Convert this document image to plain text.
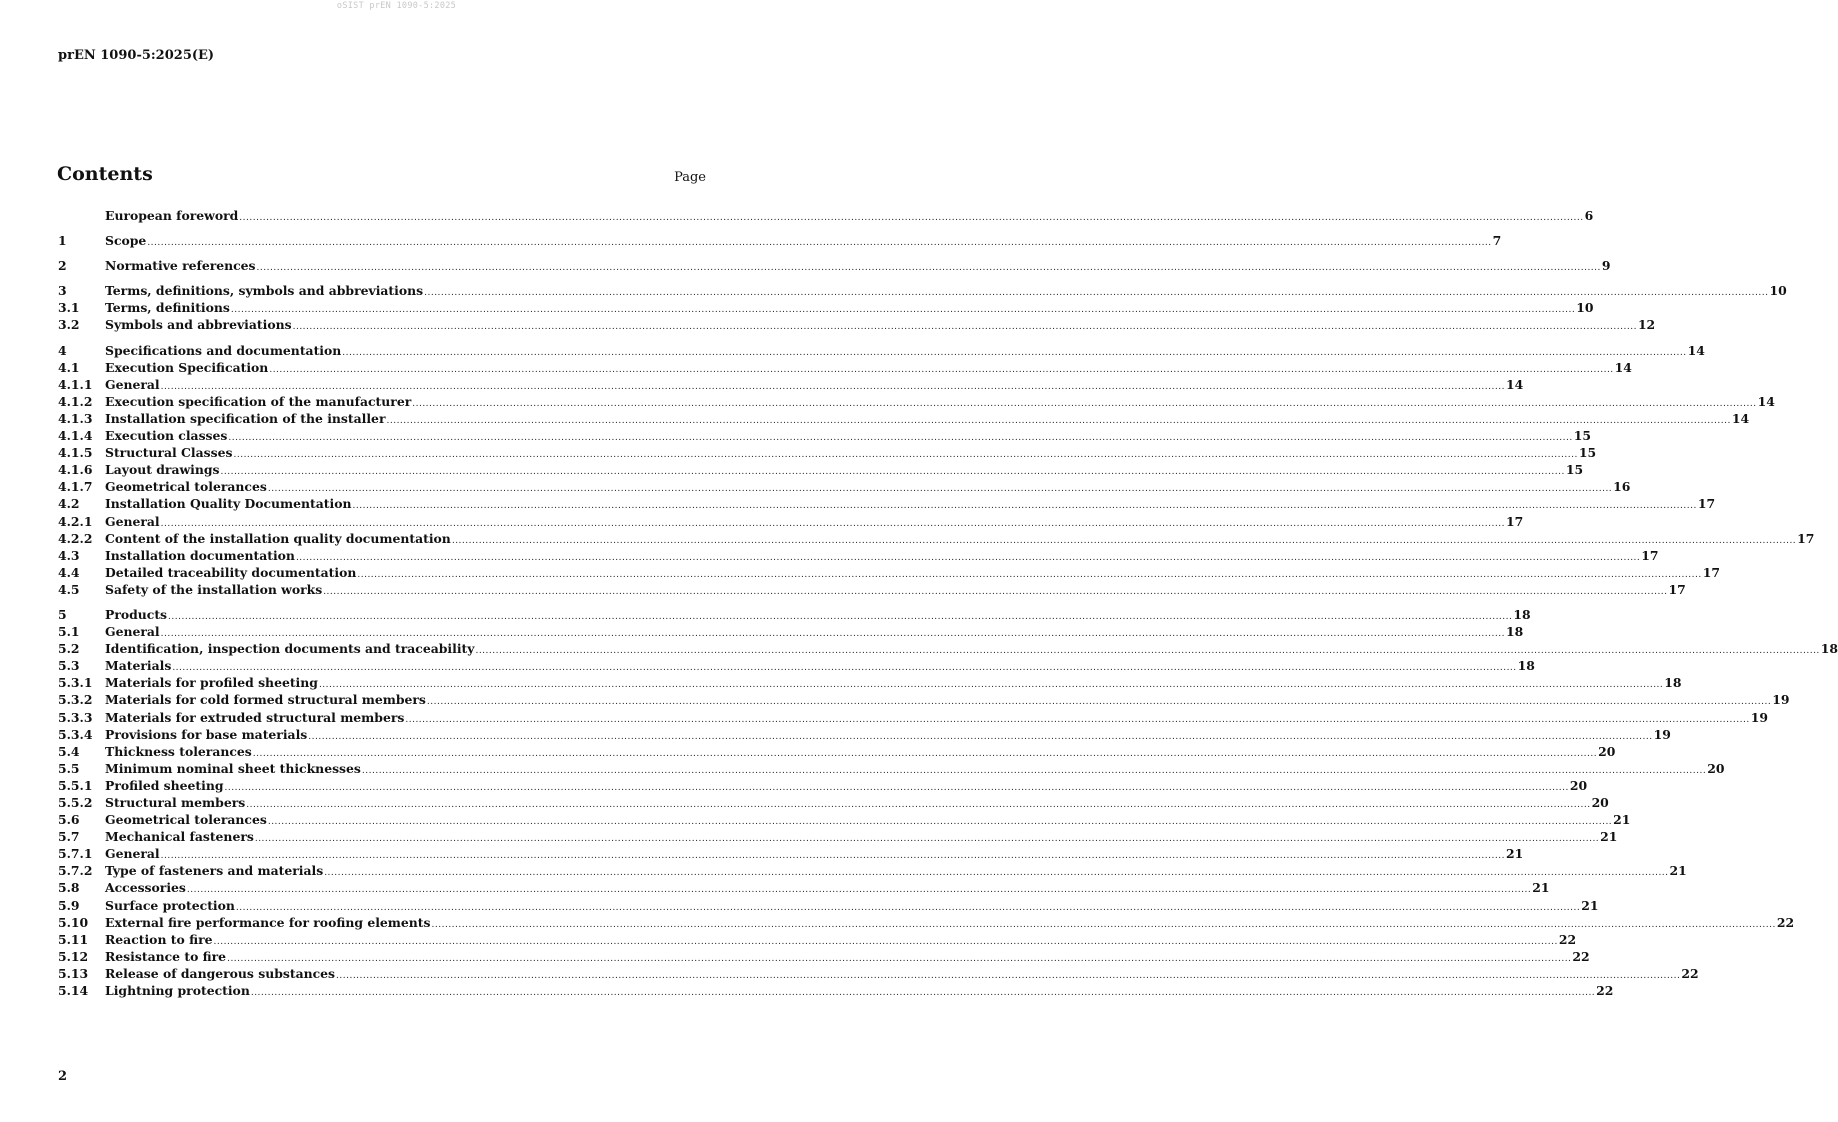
oSIST prEN 1090-5:2025
prEN 1090-5:2025(E)
Contents	Page
European foreword ................................................................................................................................................................................................................................................................................................................................................................................................................ 6
1	Scope ................................................................................................................................................................................................................................................................................................................................................................................................................ 7
2	Normative references ................................................................................................................................................................................................................................................................................................................................................................................................................ 9
3	Terms, definitions, symbols and abbreviations ................................................................................................................................................................................................................................................................................................................................................................................................................ 10
3.1	Terms, definitions ................................................................................................................................................................................................................................................................................................................................................................................................................ 10
3.2	Symbols and abbreviations ................................................................................................................................................................................................................................................................................................................................................................................................................ 12
4	Specifications and documentation ................................................................................................................................................................................................................................................................................................................................................................................................................ 14
4.1	Execution Specification ................................................................................................................................................................................................................................................................................................................................................................................................................ 14
4.1.1	General ................................................................................................................................................................................................................................................................................................................................................................................................................ 14
4.1.2	Execution specification of the manufacturer ................................................................................................................................................................................................................................................................................................................................................................................................................ 14
4.1.3	Installation specification of the installer ................................................................................................................................................................................................................................................................................................................................................................................................................ 14
4.1.4	Execution classes ................................................................................................................................................................................................................................................................................................................................................................................................................ 15
4.1.5	Structural Classes ................................................................................................................................................................................................................................................................................................................................................................................................................ 15
4.1.6	Layout drawings ................................................................................................................................................................................................................................................................................................................................................................................................................ 15
4.1.7	Geometrical tolerances ................................................................................................................................................................................................................................................................................................................................................................................................................ 16
4.2	Installation Quality Documentation ................................................................................................................................................................................................................................................................................................................................................................................................................ 17
4.2.1	General ................................................................................................................................................................................................................................................................................................................................................................................................................ 17
4.2.2	Content of the installation quality documentation ................................................................................................................................................................................................................................................................................................................................................................................................................ 17
4.3	Installation documentation ................................................................................................................................................................................................................................................................................................................................................................................................................ 17
4.4	Detailed traceability documentation ................................................................................................................................................................................................................................................................................................................................................................................................................ 17
4.5	Safety of the installation works ................................................................................................................................................................................................................................................................................................................................................................................................................ 17
5	Products ................................................................................................................................................................................................................................................................................................................................................................................................................ 18
5.1	General ................................................................................................................................................................................................................................................................................................................................................................................................................ 18
5.2	Identification, inspection documents and traceability ................................................................................................................................................................................................................................................................................................................................................................................................................ 18
5.3	Materials ................................................................................................................................................................................................................................................................................................................................................................................................................ 18
5.3.1	Materials for profiled sheeting ................................................................................................................................................................................................................................................................................................................................................................................................................ 18
5.3.2	Materials for cold formed structural members ................................................................................................................................................................................................................................................................................................................................................................................................................ 19
5.3.3	Materials for extruded structural members ................................................................................................................................................................................................................................................................................................................................................................................................................ 19
5.3.4	Provisions for base materials ................................................................................................................................................................................................................................................................................................................................................................................................................ 19
5.4	Thickness tolerances ................................................................................................................................................................................................................................................................................................................................................................................................................ 20
5.5	Minimum nominal sheet thicknesses ................................................................................................................................................................................................................................................................................................................................................................................................................ 20
5.5.1	Profiled sheeting ................................................................................................................................................................................................................................................................................................................................................................................................................ 20
5.5.2	Structural members ................................................................................................................................................................................................................................................................................................................................................................................................................ 20
5.6	Geometrical tolerances ................................................................................................................................................................................................................................................................................................................................................................................................................ 21
5.7	Mechanical fasteners ................................................................................................................................................................................................................................................................................................................................................................................................................ 21
5.7.1	General ................................................................................................................................................................................................................................................................................................................................................................................................................ 21
5.7.2	Type of fasteners and materials ................................................................................................................................................................................................................................................................................................................................................................................................................ 21
5.8	Accessories ................................................................................................................................................................................................................................................................................................................................................................................................................ 21
5.9	Surface protection ................................................................................................................................................................................................................................................................................................................................................................................................................ 21
5.10	External fire performance for roofing elements ................................................................................................................................................................................................................................................................................................................................................................................................................ 22
5.11	Reaction to fire ................................................................................................................................................................................................................................................................................................................................................................................................................ 22
5.12	Resistance to fire ................................................................................................................................................................................................................................................................................................................................................................................................................ 22
5.13	Release of dangerous substances ................................................................................................................................................................................................................................................................................................................................................................................................................ 22
5.14	Lightning protection ................................................................................................................................................................................................................................................................................................................................................................................................................ 22
2
